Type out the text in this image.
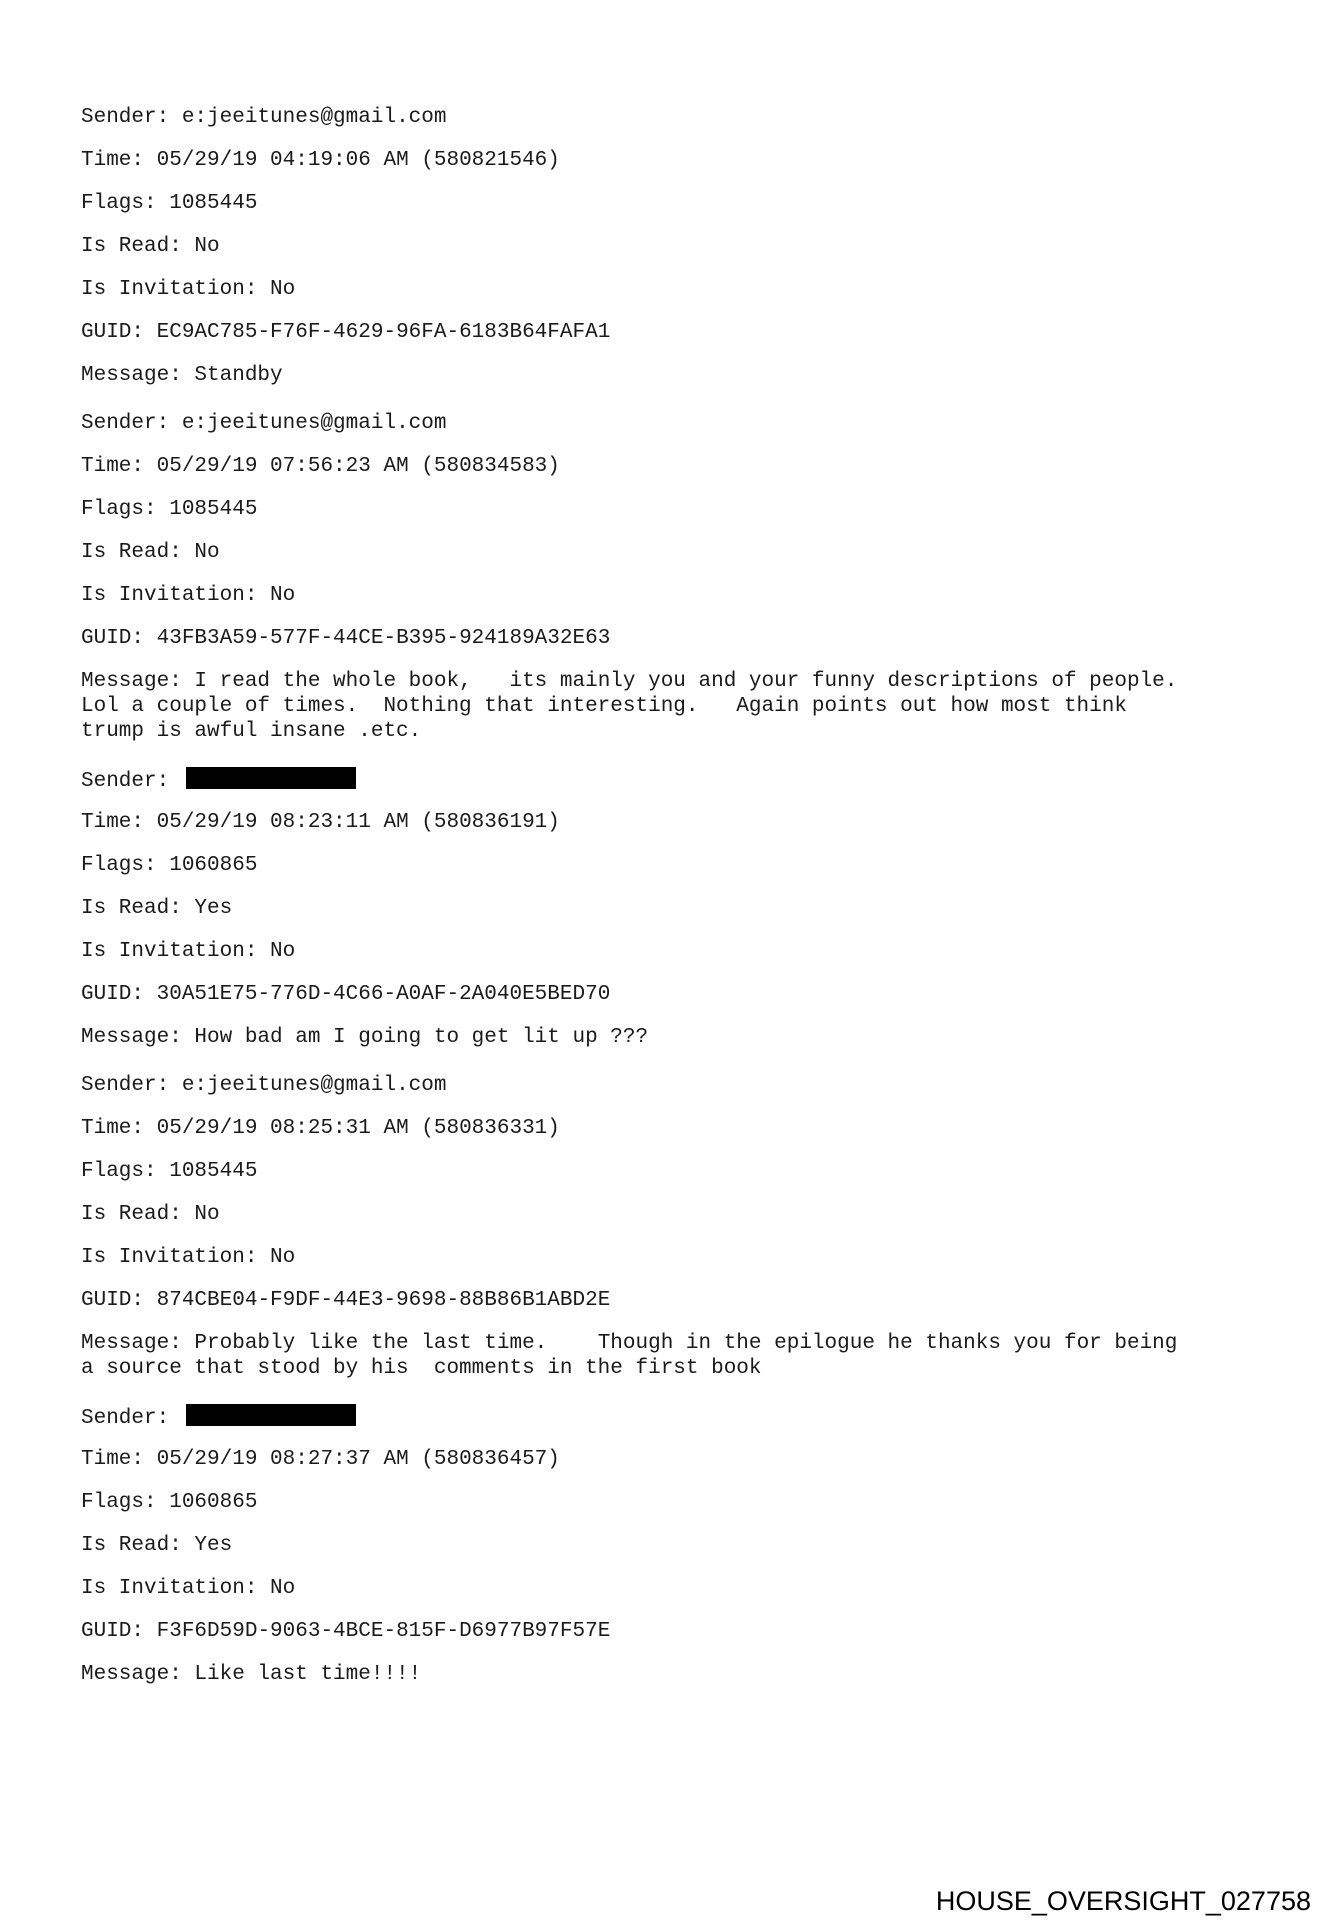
Sender: e:jeeitunes@gmail.com
Time: 05/29/19 04:19:06 AM (580821546)
Flags: 1085445
Is Read: No
Is Invitation: No
GUID: EC9AC785-F76F-4629-96FA-6183B64FAFA1
Message: Standby
Sender: e:jeeitunes@gmail.com
Time: 05/29/19 07:56:23 AM (580834583)
Flags: 1085445
Is Read: No
Is Invitation: No
GUID: 43FB3A59-577F-44CE-B395-924189A32E63
Message: I read the whole book,   its mainly you and your funny descriptions of people.
Lol a couple of times.  Nothing that interesting.   Again points out how most think
trump is awful insane .etc.
Sender:
Time: 05/29/19 08:23:11 AM (580836191)
Flags: 1060865
Is Read: Yes
Is Invitation: No
GUID: 30A51E75-776D-4C66-A0AF-2A040E5BED70
Message: How bad am I going to get lit up ???
Sender: e:jeeitunes@gmail.com
Time: 05/29/19 08:25:31 AM (580836331)
Flags: 1085445
Is Read: No
Is Invitation: No
GUID: 874CBE04-F9DF-44E3-9698-88B86B1ABD2E
Message: Probably like the last time.    Though in the epilogue he thanks you for being
a source that stood by his  comments in the first book
Sender:
Time: 05/29/19 08:27:37 AM (580836457)
Flags: 1060865
Is Read: Yes
Is Invitation: No
GUID: F3F6D59D-9063-4BCE-815F-D6977B97F57E
Message: Like last time!!!!
HOUSE_OVERSIGHT_027758
